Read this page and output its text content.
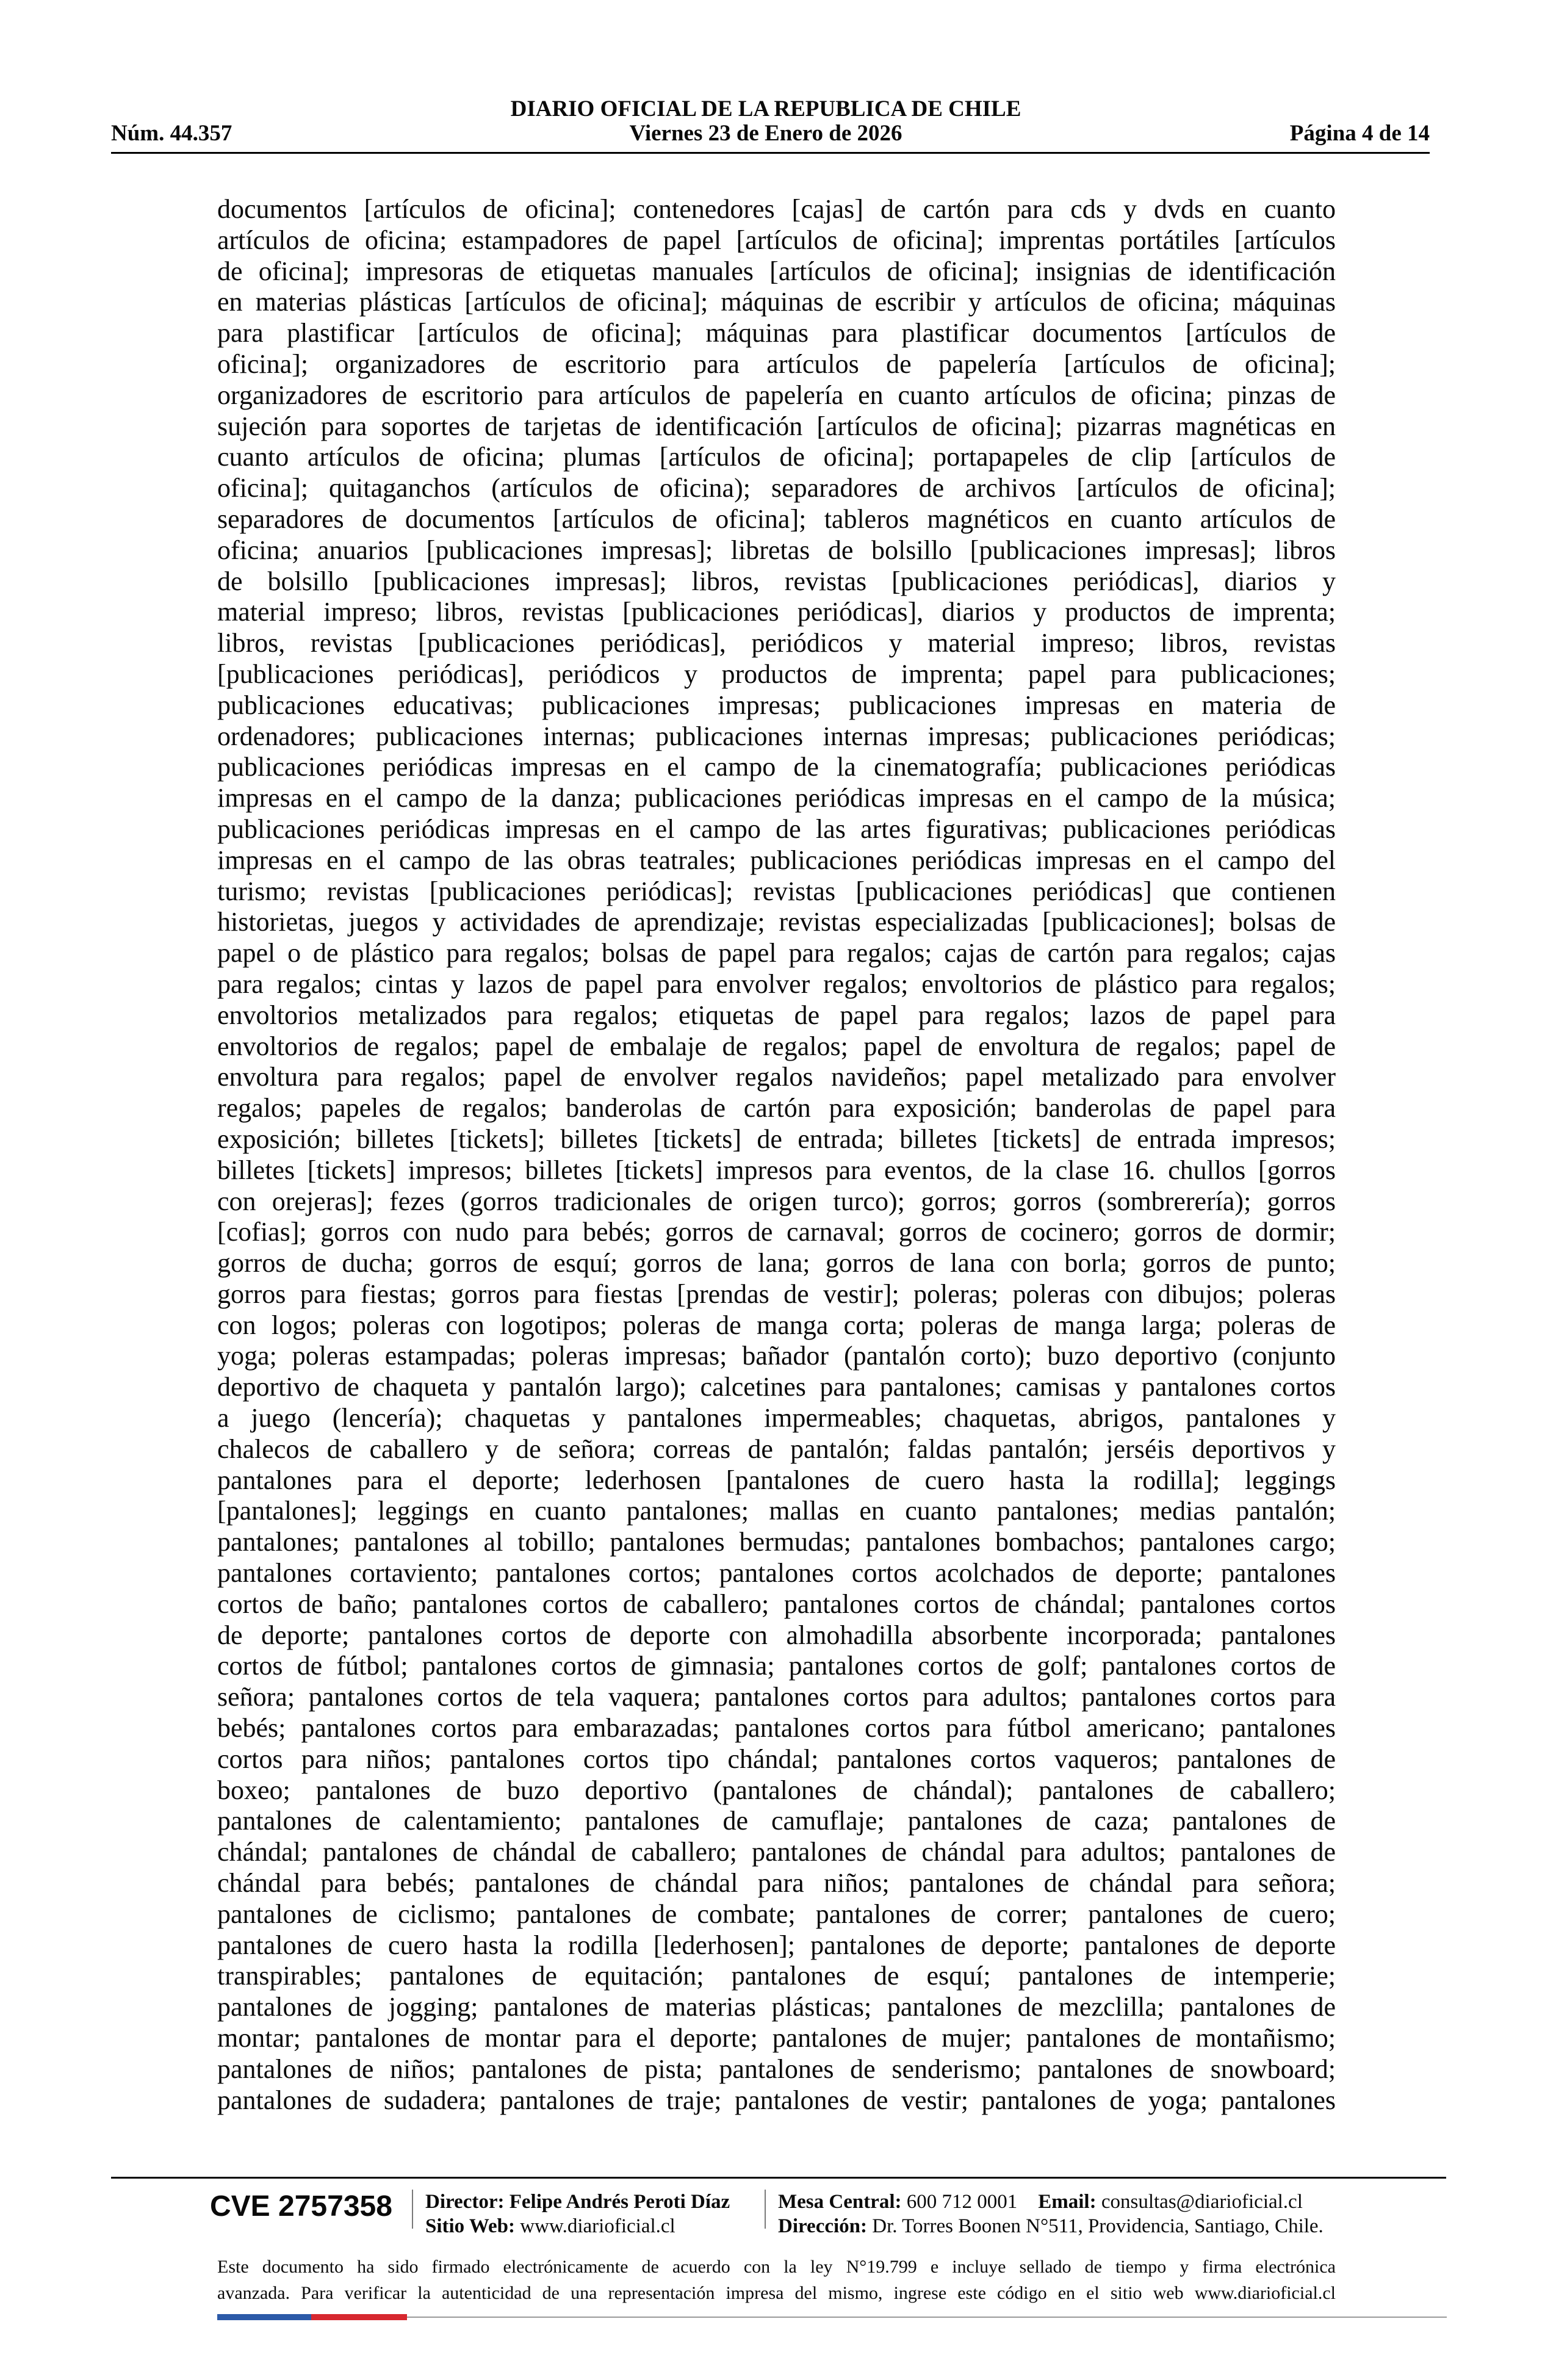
DIARIO OFICIAL DE LA REPUBLICA DE CHILE
Núm. 44.357	Viernes 23 de Enero de 2026	Página 4 de 14
documentos [artículos de oficina]; contenedores [cajas] de cartón para cds y dvds en cuanto
artículos de oficina; estampadores de papel [artículos de oficina]; imprentas portátiles [artículos
de oficina]; impresoras de etiquetas manuales [artículos de oficina]; insignias de identificación
en materias plásticas [artículos de oficina]; máquinas de escribir y artículos de oficina; máquinas
para plastificar [artículos de oficina]; máquinas para plastificar documentos [artículos de
oficina]; organizadores de escritorio para artículos de papelería [artículos de oficina];
organizadores de escritorio para artículos de papelería en cuanto artículos de oficina; pinzas de
sujeción para soportes de tarjetas de identificación [artículos de oficina]; pizarras magnéticas en
cuanto artículos de oficina; plumas [artículos de oficina]; portapapeles de clip [artículos de
oficina]; quitaganchos (artículos de oficina); separadores de archivos [artículos de oficina];
separadores de documentos [artículos de oficina]; tableros magnéticos en cuanto artículos de
oficina; anuarios [publicaciones impresas]; libretas de bolsillo [publicaciones impresas]; libros
de bolsillo [publicaciones impresas]; libros, revistas [publicaciones periódicas], diarios y
material impreso; libros, revistas [publicaciones periódicas], diarios y productos de imprenta;
libros, revistas [publicaciones periódicas], periódicos y material impreso; libros, revistas
[publicaciones periódicas], periódicos y productos de imprenta; papel para publicaciones;
publicaciones educativas; publicaciones impresas; publicaciones impresas en materia de
ordenadores; publicaciones internas; publicaciones internas impresas; publicaciones periódicas;
publicaciones periódicas impresas en el campo de la cinematografía; publicaciones periódicas
impresas en el campo de la danza; publicaciones periódicas impresas en el campo de la música;
publicaciones periódicas impresas en el campo de las artes figurativas; publicaciones periódicas
impresas en el campo de las obras teatrales; publicaciones periódicas impresas en el campo del
turismo; revistas [publicaciones periódicas]; revistas [publicaciones periódicas] que contienen
historietas, juegos y actividades de aprendizaje; revistas especializadas [publicaciones]; bolsas de
papel o de plástico para regalos; bolsas de papel para regalos; cajas de cartón para regalos; cajas
para regalos; cintas y lazos de papel para envolver regalos; envoltorios de plástico para regalos;
envoltorios metalizados para regalos; etiquetas de papel para regalos; lazos de papel para
envoltorios de regalos; papel de embalaje de regalos; papel de envoltura de regalos; papel de
envoltura para regalos; papel de envolver regalos navideños; papel metalizado para envolver
regalos; papeles de regalos; banderolas de cartón para exposición; banderolas de papel para
exposición; billetes [tickets]; billetes [tickets] de entrada; billetes [tickets] de entrada impresos;
billetes [tickets] impresos; billetes [tickets] impresos para eventos, de la clase 16. chullos [gorros
con orejeras]; fezes (gorros tradicionales de origen turco); gorros; gorros (sombrerería); gorros
[cofias]; gorros con nudo para bebés; gorros de carnaval; gorros de cocinero; gorros de dormir;
gorros de ducha; gorros de esquí; gorros de lana; gorros de lana con borla; gorros de punto;
gorros para fiestas; gorros para fiestas [prendas de vestir]; poleras; poleras con dibujos; poleras
con logos; poleras con logotipos; poleras de manga corta; poleras de manga larga; poleras de
yoga; poleras estampadas; poleras impresas; bañador (pantalón corto); buzo deportivo (conjunto
deportivo de chaqueta y pantalón largo); calcetines para pantalones; camisas y pantalones cortos
a juego (lencería); chaquetas y pantalones impermeables; chaquetas, abrigos, pantalones y
chalecos de caballero y de señora; correas de pantalón; faldas pantalón; jerséis deportivos y
pantalones para el deporte; lederhosen [pantalones de cuero hasta la rodilla]; leggings
[pantalones]; leggings en cuanto pantalones; mallas en cuanto pantalones; medias pantalón;
pantalones; pantalones al tobillo; pantalones bermudas; pantalones bombachos; pantalones cargo;
pantalones cortaviento; pantalones cortos; pantalones cortos acolchados de deporte; pantalones
cortos de baño; pantalones cortos de caballero; pantalones cortos de chándal; pantalones cortos
de deporte; pantalones cortos de deporte con almohadilla absorbente incorporada; pantalones
cortos de fútbol; pantalones cortos de gimnasia; pantalones cortos de golf; pantalones cortos de
señora; pantalones cortos de tela vaquera; pantalones cortos para adultos; pantalones cortos para
bebés; pantalones cortos para embarazadas; pantalones cortos para fútbol americano; pantalones
cortos para niños; pantalones cortos tipo chándal; pantalones cortos vaqueros; pantalones de
boxeo; pantalones de buzo deportivo (pantalones de chándal); pantalones de caballero;
pantalones de calentamiento; pantalones de camuflaje; pantalones de caza; pantalones de
chándal; pantalones de chándal de caballero; pantalones de chándal para adultos; pantalones de
chándal para bebés; pantalones de chándal para niños; pantalones de chándal para señora;
pantalones de ciclismo; pantalones de combate; pantalones de correr; pantalones de cuero;
pantalones de cuero hasta la rodilla [lederhosen]; pantalones de deporte; pantalones de deporte
transpirables; pantalones de equitación; pantalones de esquí; pantalones de intemperie;
pantalones de jogging; pantalones de materias plásticas; pantalones de mezclilla; pantalones de
montar; pantalones de montar para el deporte; pantalones de mujer; pantalones de montañismo;
pantalones de niños; pantalones de pista; pantalones de senderismo; pantalones de snowboard;
pantalones de sudadera; pantalones de traje; pantalones de vestir; pantalones de yoga; pantalones
CVE 2757358 Director: Felipe Andrés Peroti Díaz
Sitio Web: www.diarioficial.cl
Mesa Central: 600 712 0001 Email: consultas@diarioficial.cl
Dirección: Dr. Torres Boonen N°511, Providencia, Santiago, Chile.
Este documento ha sido firmado electrónicamente de acuerdo con la ley N°19.799 e incluye sellado de tiempo y firma electrónica
avanzada. Para verificar la autenticidad de una representación impresa del mismo, ingrese este código en el sitio web www.diarioficial.cl
